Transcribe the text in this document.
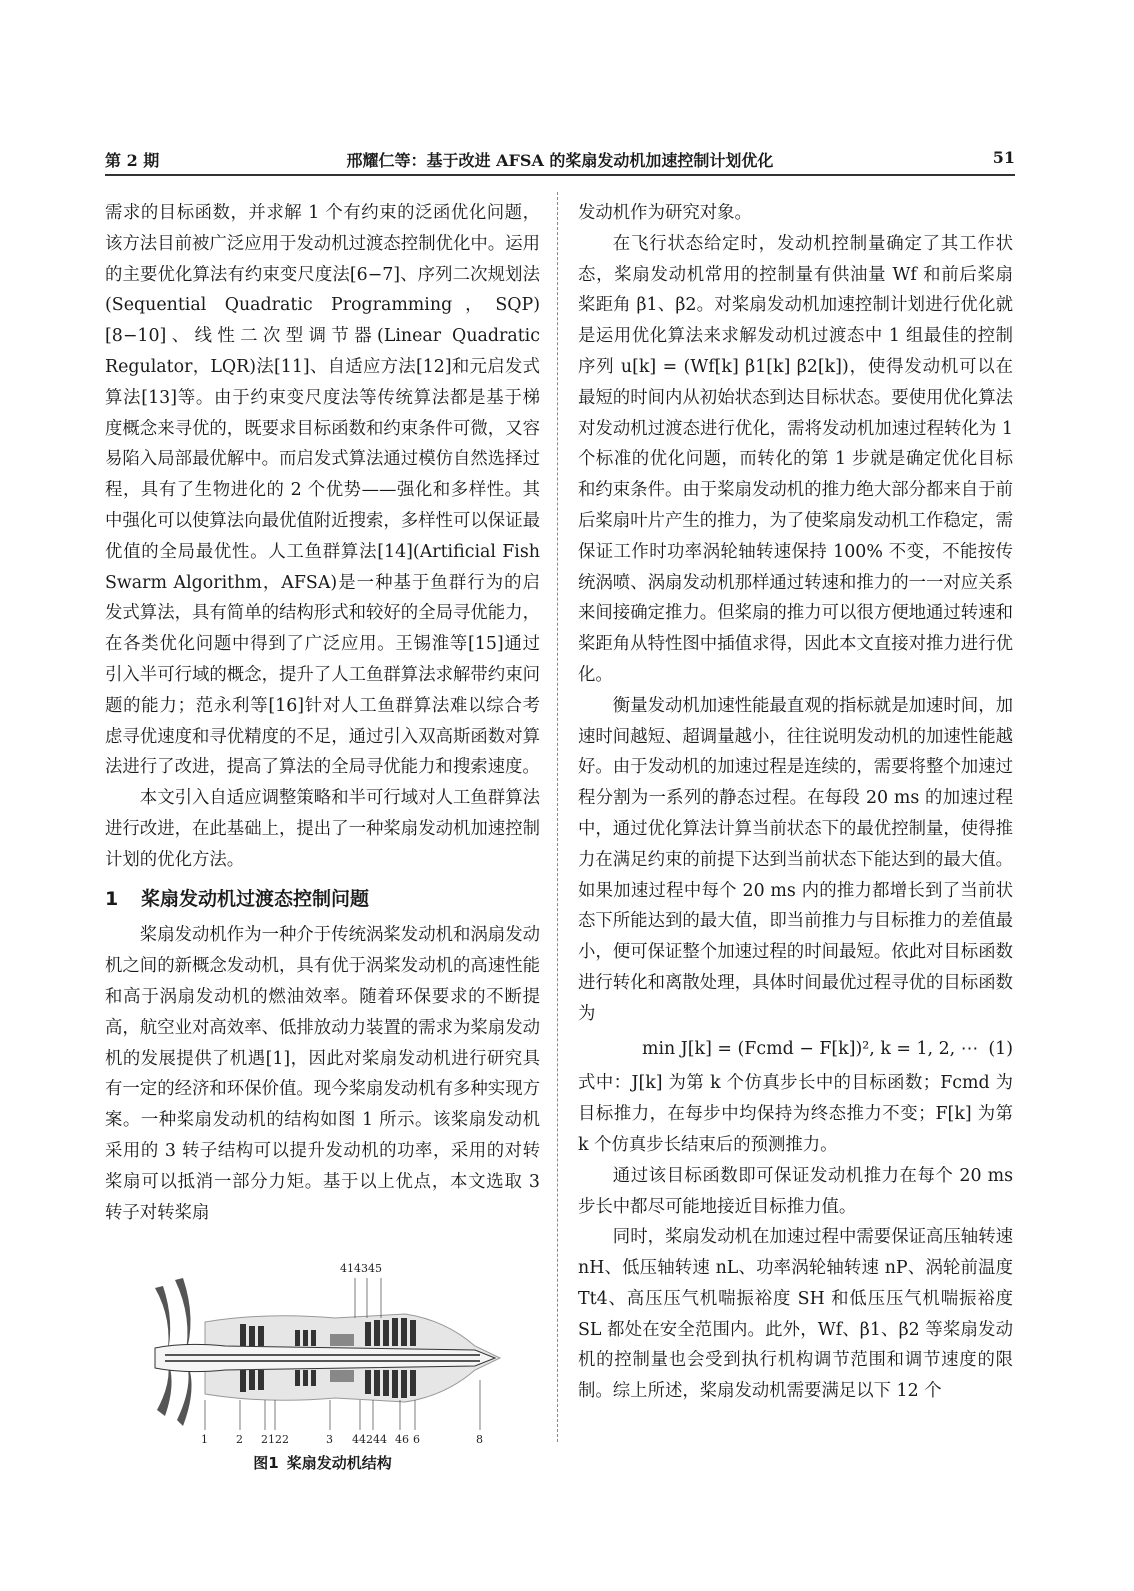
第 2 期	邢耀仁等：基于改进 AFSA 的桨扇发动机加速控制计划优化	51

需求的目标函数，并求解 1 个有约束的泛函优化问题，该方法目前被广泛应用于发动机过渡态控制优化中。运用的主要优化算法有约束变尺度法[6−7]、序列二次规划法(Sequential Quadratic Programming，SQP)[8−10]、线性二次型调节器(Linear Quadratic Regulator，LQR)法[11]、自适应方法[12]和元启发式算法[13]等。由于约束变尺度法等传统算法都是基于梯度概念来寻优的，既要求目标函数和约束条件可微，又容易陷入局部最优解中。而启发式算法通过模仿自然选择过程，具有了生物进化的 2 个优势——强化和多样性。其中强化可以使算法向最优值附近搜索，多样性可以保证最优值的全局最优性。人工鱼群算法[14](Artificial Fish Swarm Algorithm，AFSA)是一种基于鱼群行为的启发式算法，具有简单的结构形式和较好的全局寻优能力，在各类优化问题中得到了广泛应用。王锡淮等[15]通过引入半可行域的概念，提升了人工鱼群算法求解带约束问题的能力；范永利等[16]针对人工鱼群算法难以综合考虑寻优速度和寻优精度的不足，通过引入双高斯函数对算法进行了改进，提高了算法的全局寻优能力和搜索速度。

本文引入自适应调整策略和半可行域对人工鱼群算法进行改进，在此基础上，提出了一种桨扇发动机加速控制计划的优化方法。

1 桨扇发动机过渡态控制问题

桨扇发动机作为一种介于传统涡桨发动机和涡扇发动机之间的新概念发动机，具有优于涡桨发动机的高速性能和高于涡扇发动机的燃油效率。随着环保要求的不断提高，航空业对高效率、低排放动力装置的需求为桨扇发动机的发展提供了机遇[1]，因此对桨扇发动机进行研究具有一定的经济和环保价值。现今桨扇发动机有多种实现方案。一种桨扇发动机的结构如图 1 所示。该桨扇发动机采用的 3 转子结构可以提升发动机的功率，采用的对转桨扇可以抵消一部分力矩。基于以上优点，本文选取 3 转子对转桨扇

414345
1	2 2122	3 44244 46 6	8
图1 桨扇发动机结构

发动机作为研究对象。

在飞行状态给定时，发动机控制量确定了其工作状态，桨扇发动机常用的控制量有供油量 Wf 和前后桨扇桨距角 β1、β2。对桨扇发动机加速控制计划进行优化就是运用优化算法来求解发动机过渡态中 1 组最佳的控制序列 u[k] = (Wf[k] β1[k] β2[k])，使得发动机可以在最短的时间内从初始状态到达目标状态。要使用优化算法对发动机过渡态进行优化，需将发动机加速过程转化为 1 个标准的优化问题，而转化的第 1 步就是确定优化目标和约束条件。由于桨扇发动机的推力绝大部分都来自于前后桨扇叶片产生的推力，为了使桨扇发动机工作稳定，需保证工作时功率涡轮轴转速保持 100% 不变，不能按传统涡喷、涡扇发动机那样通过转速和推力的一一对应关系来间接确定推力。但桨扇的推力可以很方便地通过转速和桨距角从特性图中插值求得，因此本文直接对推力进行优化。

衡量发动机加速性能最直观的指标就是加速时间，加速时间越短、超调量越小，往往说明发动机的加速性能越好。由于发动机的加速过程是连续的，需要将整个加速过程分割为一系列的静态过程。在每段 20 ms 的加速过程中，通过优化算法计算当前状态下的最优控制量，使得推力在满足约束的前提下达到当前状态下能达到的最大值。如果加速过程中每个 20 ms 内的推力都增长到了当前状态下所能达到的最大值，即当前推力与目标推力的差值最小，便可保证整个加速过程的时间最短。依此对目标函数进行转化和离散处理，具体时间最优过程寻优的目标函数为

min J[k] = (Fcmd − F[k])², k = 1, 2, ⋯ (1)

式中：J[k] 为第 k 个仿真步长中的目标函数；Fcmd 为目标推力，在每步中均保持为终态推力不变；F[k] 为第 k 个仿真步长结束后的预测推力。

通过该目标函数即可保证发动机推力在每个 20 ms 步长中都尽可能地接近目标推力值。

同时，桨扇发动机在加速过程中需要保证高压轴转速 nH、低压轴转速 nL、功率涡轮轴转速 nP、涡轮前温度 Tt4、高压压气机喘振裕度 SH 和低压压气机喘振裕度 SL 都处在安全范围内。此外，Wf、β1、β2 等桨扇发动机的控制量也会受到执行机构调节范围和调节速度的限制。综上所述，桨扇发动机需要满足以下 12 个
